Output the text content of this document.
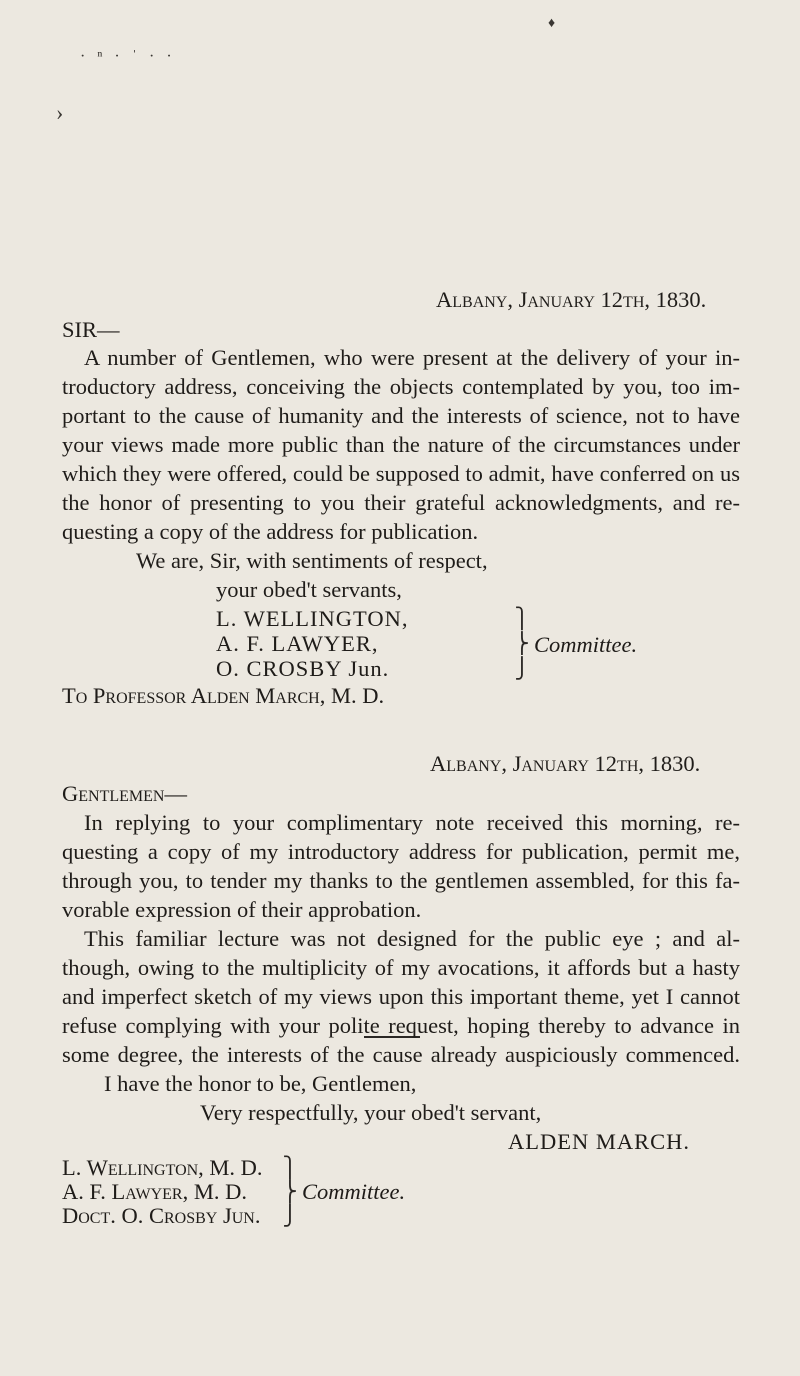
♦
· ⁿ · ˈ · ·
›
Albany, January 12th, 1830.
SIR—
A number of Gentlemen, who were present at the delivery of your in-
troductory address, conceiving the objects contemplated by you, too im-
portant to the cause of humanity and the interests of science, not to have
your views made more public than the nature of the circumstances under
which they were offered, could be supposed to admit, have conferred on us
the honor of presenting to you their grateful acknowledgments, and re-
questing a copy of the address for publication.
We are, Sir, with sentiments of respect,
your obed't servants,
L. WELLINGTON,
A. F. LAWYER,
O. CROSBY Jun.
⎫
⎬
⎭
Committee.
To Professor Alden March, M. D.
Albany, January 12th, 1830.
Gentlemen—
In replying to your complimentary note received this morning, re-
questing a copy of my introductory address for publication, permit me,
through you, to tender my thanks to the gentlemen assembled, for this fa-
vorable expression of their approbation.
This familiar lecture was not designed for the public eye ; and al-
though, owing to the multiplicity of my avocations, it affords but a hasty
and imperfect sketch of my views upon this important theme, yet I cannot
refuse complying with your polite request, hoping thereby to advance in
some degree, the interests of the cause already auspiciously commenced.
I have the honor to be, Gentlemen,
Very respectfully, your obed't servant,
ALDEN MARCH.
L. Wellington, M. D.
A. F. Lawyer, M. D.
Doct. O. Crosby Jun.
⎫
⎬
⎭
Committee.
